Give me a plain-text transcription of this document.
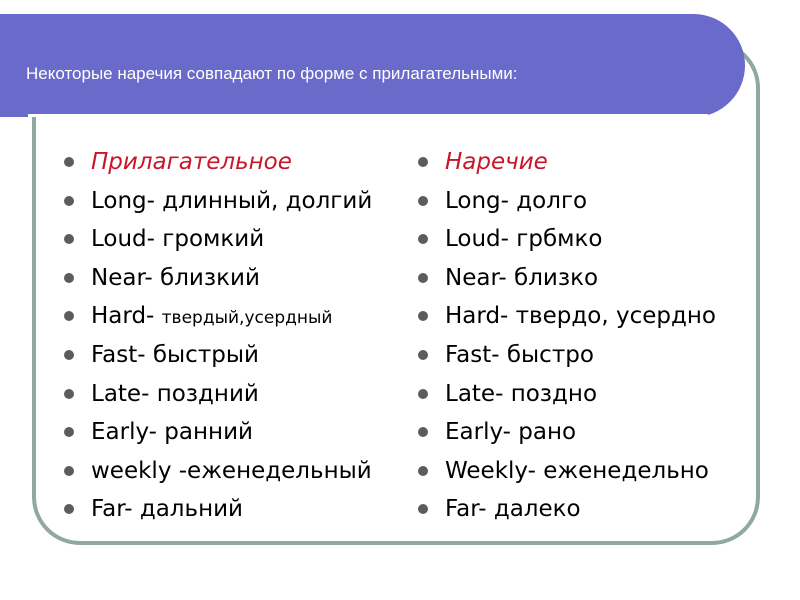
Некоторые наречия совпадают по форме с прилагательными:
Прилагательное
Long- длинный, долгий
Loud- громкий
Near- близкий
Hard- твердый,усердный
Fast- быстрый
Late- поздний
Early- ранний
weekly -еженедельный
Far- дальний
Наречие
Long- долго
Loud- грбмко
Near- близко
Hard- твердо, усердно
Fast- быстро
Late- поздно
Early- рано
Weekly- еженедельно
Far- далеко
